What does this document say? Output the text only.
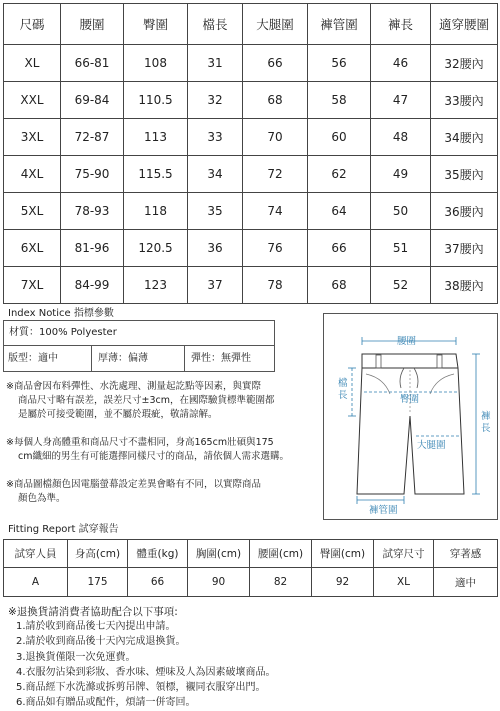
尺碼	腰圍	臀圍	檔長	大腿圍	褲管圍	褲長	適穿腰圍
XL	66-81	108	31	66	56	46	32腰內
XXL	69-84	110.5	32	68	58	47	33腰內
3XL	72-87	113	33	70	60	48	34腰內
4XL	75-90	115.5	34	72	62	49	35腰內
5XL	78-93	118	35	74	64	50	36腰內
6XL	81-96	120.5	36	76	66	51	37腰內
7XL	84-99	123	37	78	68	52	38腰內
Index Notice 指標參數
材質：100% Polyester
版型：適中	厚薄：偏薄	彈性：無彈性
※商品會因布料彈性、水洗處理、測量起訖點等因素，與實際
商品尺寸略有誤差，誤差尺寸±3cm，在國際驗貨標準範圍都
是屬於可接受範圍，並不屬於瑕疵，敬請諒解。
※每個人身高體重和商品尺寸不盡相同，身高165cm壯碩與175
cm纖細的男生有可能選擇同樣尺寸的商品，請依個人需求選購。
※商品圖檔顏色因電腦螢幕設定差異會略有不同，以實際商品
顏色為準。
腰圍
檔長	臀圍
褲長
大腿圍
褲管圍
Fitting Report 試穿報告
試穿人員	身高(cm)	體重(kg)	胸圍(cm)	腰圍(cm)	臀圍(cm)	試穿尺寸	穿著感
A	175	66	90	82	92	XL	適中
※退換貨請消費者協助配合以下事項:
1.請於收到商品後七天內提出申請。
2.請於收到商品後十天內完成退換貨。
3.退換貨僅限一次免運費。
4.衣服勿沾染到彩妝、香水味、煙味及人為因素破壞商品。
5.商品經下水洗滌或拆剪吊牌、領標，襯同衣服穿出門。
6.商品如有贈品或配件，煩請一併寄回。
